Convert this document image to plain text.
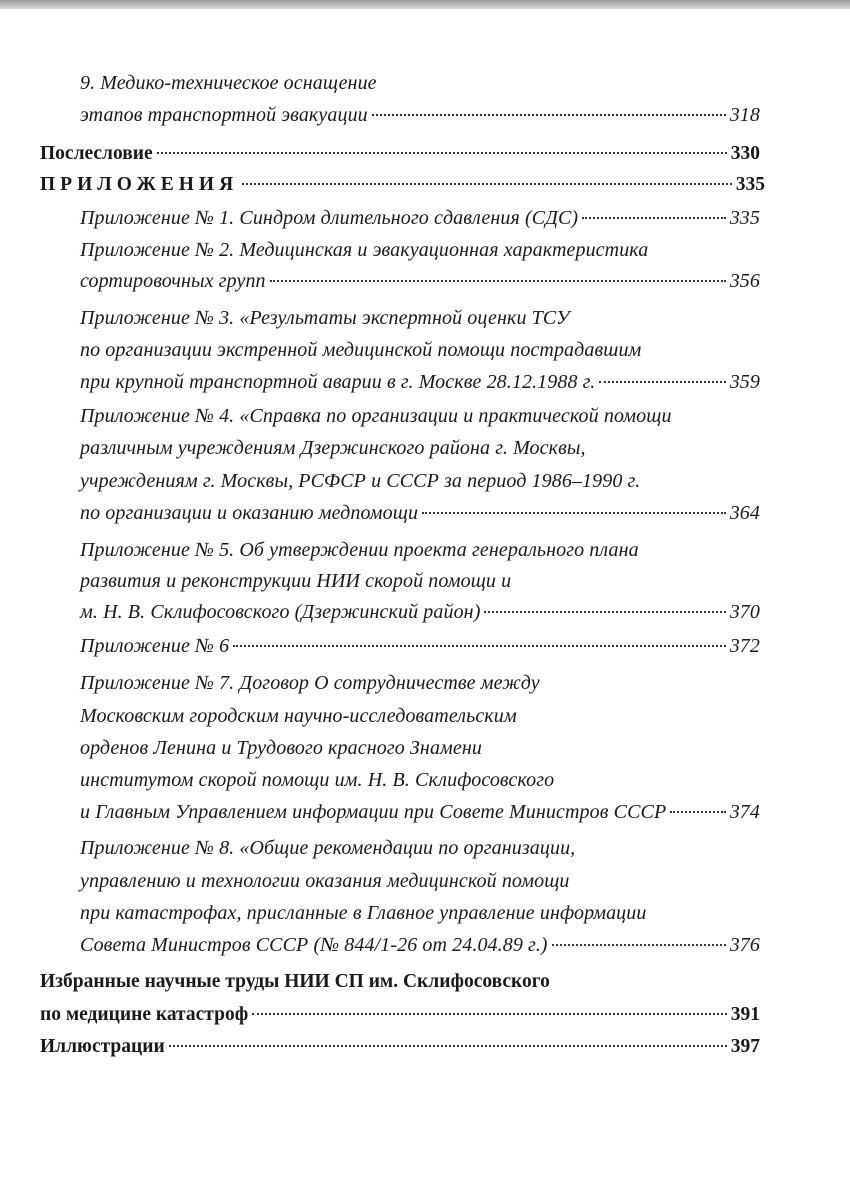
9. Медико-техническое оснащение
этапов транспортной эвакуации	318
Послесловие	330
ПРИЛОЖЕНИЯ	335
Приложение № 1. Синдром длительного сдавления (СДС)	335
Приложение № 2. Медицинская и эвакуационная характеристика
сортировочных групп	356
Приложение № 3. «Результаты экспертной оценки ТСУ
по организации экстренной медицинской помощи пострадавшим
при крупной транспортной аварии в г. Москве 28.12.1988 г.	359
Приложение № 4. «Справка по организации и практической помощи
различным учреждениям Дзержинского района г. Москвы,
учреждениям г. Москвы, РСФСР и СССР за период 1986–1990 г.
по организации и оказанию медпомощи	364
Приложение № 5. Об утверждении проекта генерального плана
развития и реконструкции НИИ скорой помощи и
м. Н. В. Склифосовского (Дзержинский район)	370
Приложение № 6	372
Приложение № 7. Договор О сотрудничестве между
Московским городским научно-исследовательским
орденов Ленина и Трудового красного Знамени
институтом скорой помощи им. Н. В. Склифосовского
и Главным Управлением информации при Совете Министров СССР	374
Приложение № 8. «Общие рекомендации по организации,
управлению и технологии оказания медицинской помощи
при катастрофах, присланные в Главное управление информации
Совета Министров СССР (№ 844/1-26 от 24.04.89 г.)	376
Избранные научные труды НИИ СП им. Склифосовского
по медицине катастроф	391
Иллюстрации	397
